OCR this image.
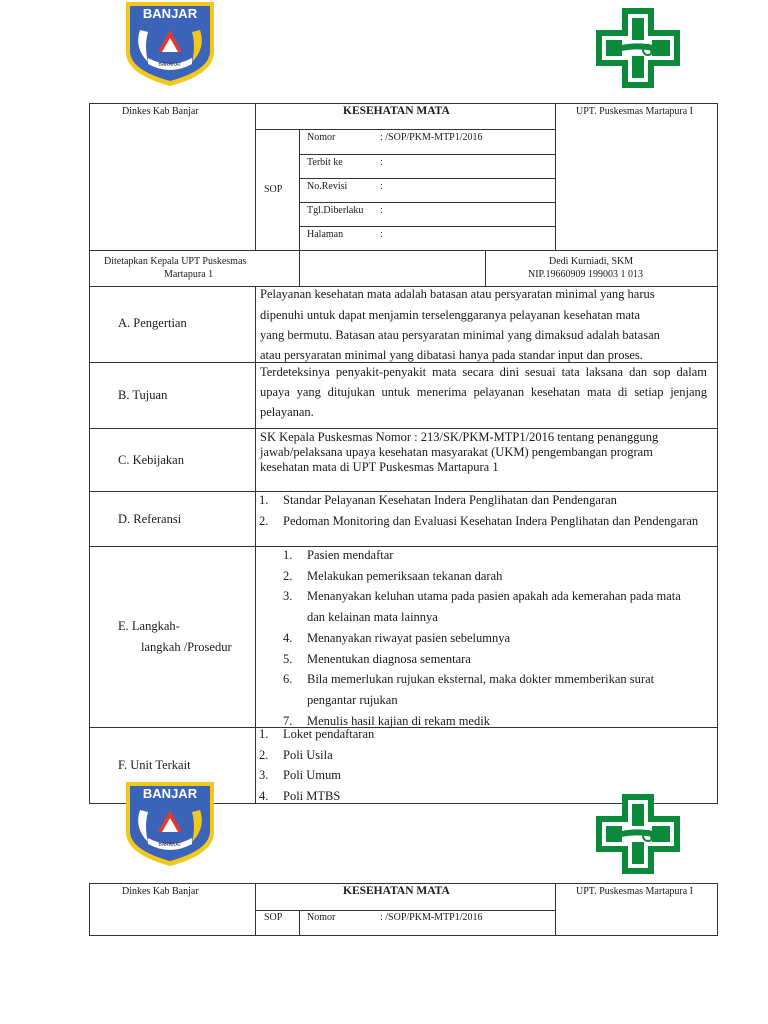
BANJAR
BARAKAT
Dinkes Kab Banjar	KESEHATAN MATA	UPT. Puskesmas Martapura I
SOP
Nomor	: /SOP/PKM-MTP1/2016
Terbit ke	:
No.Revisi	:
Tgl.Diberlaku :
Halaman	:
Ditetapkan Kepala UPT Puskesmas
Martapura 1
Dedi Kurniadi, SKM
NIP.19660909 199003 1 013
A. Pengertian
Pelayanan kesehatan mata adalah batasan atau persyaratan minimal yang harus
dipenuhi untuk dapat menjamin terselenggaranya pelayanan kesehatan mata
yang bermutu. Batasan atau persyaratan minimal yang dimaksud adalah batasan
atau persyaratan minimal yang dibatasi hanya pada standar input dan proses.
B. Tujuan
Terdeteksinya penyakit-penyakit mata secara dini sesuai tata laksana dan sop dalam upaya yang ditujukan untuk menerima pelayanan kesehatan mata di setiap jenjang pelayanan.
C. Kebijakan
SK Kepala Puskesmas Nomor : 213/SK/PKM-MTP1/2016 tentang penanggung
jawab/pelaksana upaya kesehatan masyarakat (UKM) pengembangan program
kesehatan mata di UPT Puskesmas Martapura 1
D. Referansi
1. Standar Pelayanan Kesehatan Indera Penglihatan dan Pendengaran
2. Pedoman Monitoring dan Evaluasi Kesehatan Indera Penglihatan dan Pendengaran
E. Langkah-
langkah /Prosedur
1. Pasien mendaftar
2. Melakukan pemeriksaan tekanan darah
3. Menanyakan keluhan utama pada pasien apakah ada kemerahan pada mata dan kelainan mata lainnya
4. Menanyakan riwayat pasien sebelumnya
5. Menentukan diagnosa sementara
6. Bila memerlukan rujukan eksternal, maka dokter mmemberikan surat pengantar rujukan
7. Menulis hasil kajian di rekam medik
F. Unit Terkait
1. Loket pendaftaran
2. Poli Usila
3. Poli Umum
4. Poli MTBS
BANJAR
BARAKAT
Dinkes Kab Banjar	KESEHATAN MATA	UPT. Puskesmas Martapura I
SOP Nomor	: /SOP/PKM-MTP1/2016
